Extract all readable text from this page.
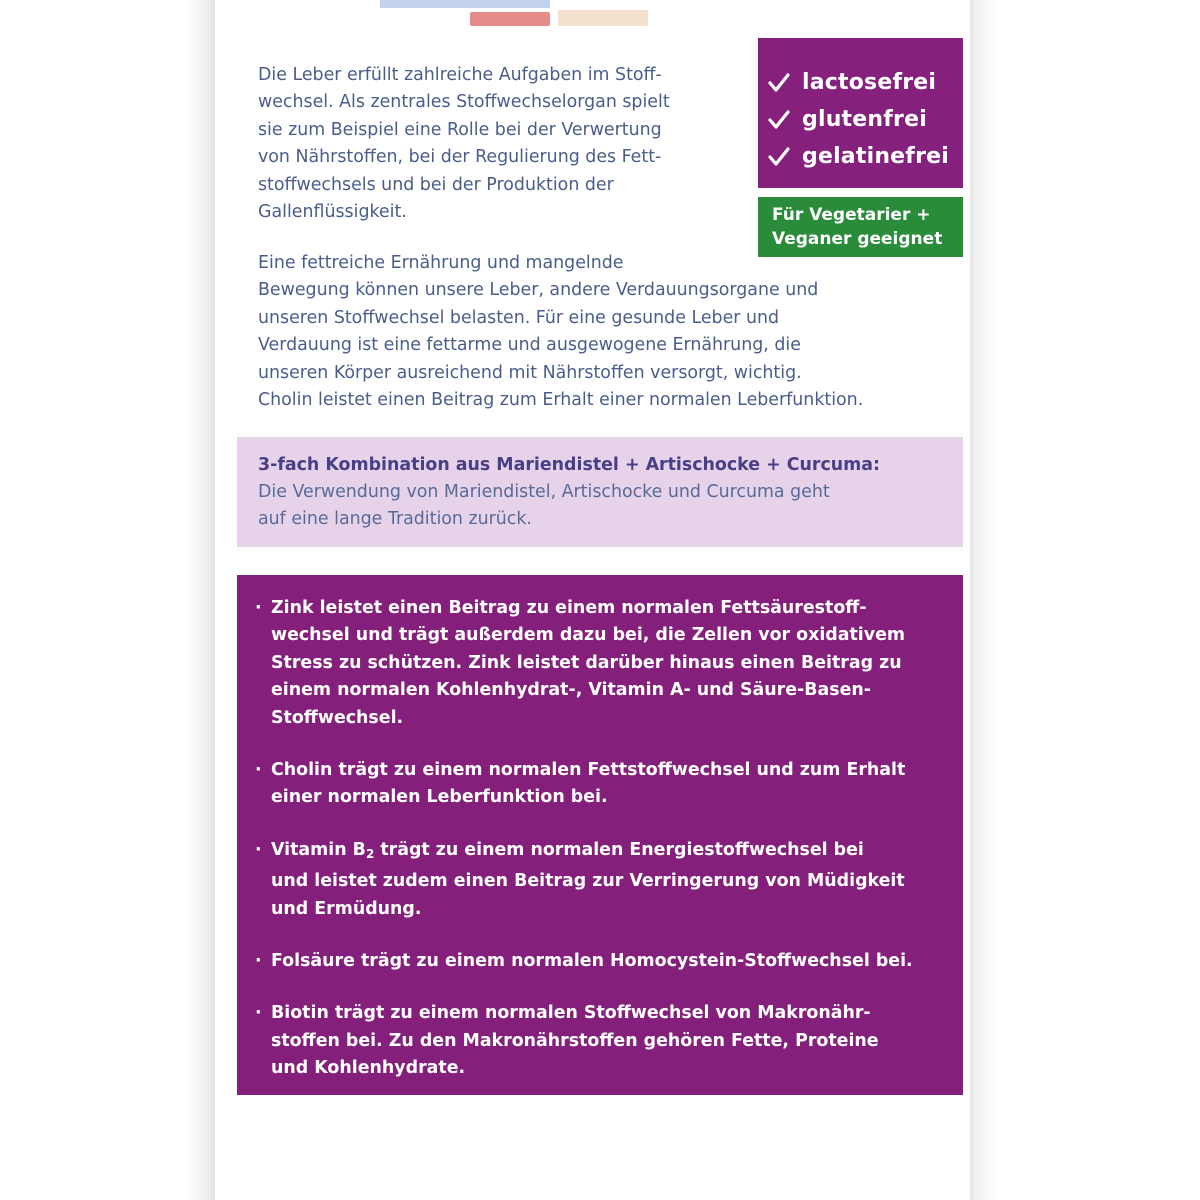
Die Leber erfüllt zahlreiche Aufgaben im Stoff-
wechsel. Als zentrales Stoffwechselorgan spielt
sie zum Beispiel eine Rolle bei der Verwertung
von Nährstoffen, bei der Regulierung des Fett-
stoffwechsels und bei der Produktion der
Gallenflüssigkeit.
Eine fettreiche Ernährung und mangelnde
Bewegung können unsere Leber, andere Verdauungsorgane und
unseren Stoffwechsel belasten. Für eine gesunde Leber und
Verdauung ist eine fettarme und ausgewogene Ernährung, die
unseren Körper ausreichend mit Nährstoffen versorgt, wichtig.
Cholin leistet einen Beitrag zum Erhalt einer normalen Leberfunktion.
lactosefrei
glutenfrei
gelatinefrei
Für Vegetarier +
Veganer geeignet
3-fach Kombination aus Mariendistel + Artischocke + Curcuma:
Die Verwendung von Mariendistel, Artischocke und Curcuma geht
auf eine lange Tradition zurück.
· Zink leistet einen Beitrag zu einem normalen Fettsäurestoff-
wechsel und trägt außerdem dazu bei, die Zellen vor oxidativem
Stress zu schützen. Zink leistet darüber hinaus einen Beitrag zu
einem normalen Kohlenhydrat-, Vitamin A- und Säure-Basen-
Stoffwechsel.
· Cholin trägt zu einem normalen Fettstoffwechsel und zum Erhalt
einer normalen Leberfunktion bei.
· Vitamin $B_2$ trägt zu einem normalen Energiestoffwechsel bei
und leistet zudem einen Beitrag zur Verringerung von Müdigkeit
und Ermüdung.
· Folsäure trägt zu einem normalen Homocystein-Stoffwechsel bei.
· Biotin trägt zu einem normalen Stoffwechsel von Makronähr-
stoffen bei. Zu den Makronährstoffen gehören Fette, Proteine
und Kohlenhydrate.
